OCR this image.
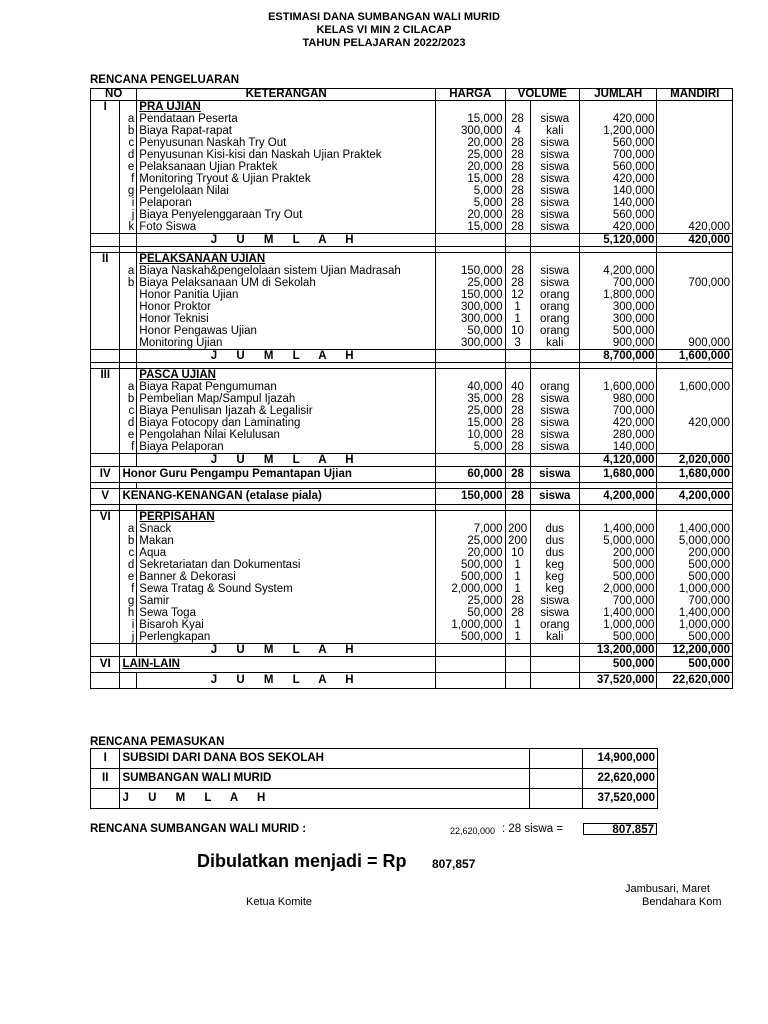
ESTIMASI DANA SUMBANGAN WALI MURID
KELAS VI MIN 2 CILACAP
TAHUN PELAJARAN 2022/2023
RENCANA PENGELUARAN
NO		KETERANGAN	HARGA	VOLUME		JUMLAH	MANDIRI
I		PRA UJIAN					
	a	Pendataan Peserta	15,000	28	siswa	420,000	
	b	Biaya Rapat-rapat	300,000	4	kali	1,200,000	
	c	Penyusunan Naskah Try Out	20,000	28	siswa	560,000	
	d	Penyusunan Kisi-kisi dan Naskah Ujian Praktek	25,000	28	siswa	700,000	
	e	Pelaksanaan Ujian Praktek	20,000	28	siswa	560,000	
	f	Monitoring Tryout & Ujian Praktek	15,000	28	siswa	420,000	
	g	Pengelolaan Nilai	5,000	28	siswa	140,000	
	i	Pelaporan	5,000	28	siswa	140,000	
	j	Biaya Penyelenggaraan Try Out	20,000	28	siswa	560,000	
	k	Foto Siswa	15,000	28	siswa	420,000	420,000
		J U M L A H				5,120,000	420,000

II		PELAKSANAAN UJIAN					
	a	Biaya Naskah&pengelolaan sistem Ujian Madrasah	150,000	28	siswa	4,200,000	
	b	Biaya Pelaksanaan UM di Sekolah	25,000	28	siswa	700,000	700,000
		Honor Panitia Ujian	150,000	12	orang	1,800,000	
		Honor Proktor	300,000	1	orang	300,000	
		Honor Teknisi	300,000	1	orang	300,000	
		Honor Pengawas Ujian	50,000	10	orang	500,000	
		Monitoring Ujian	300,000	3	kali	900,000	900,000
		J U M L A H				8,700,000	1,600,000

III		PASCA UJIAN					
	a	Biaya Rapat Pengumuman	40,000	40	orang	1,600,000	1,600,000
	b	Pembelian Map/Sampul Ijazah	35,000	28	siswa	980,000	
	c	Biaya Penulisan Ijazah & Legalisir	25,000	28	siswa	700,000	
	d	Biaya Fotocopy dan Laminating	15,000	28	siswa	420,000	420,000
	e	Pengolahan Nilai Kelulusan	10,000	28	siswa	280,000	
	f	Biaya Pelaporan	5,000	28	siswa	140,000	
		J U M L A H				4,120,000	2,020,000
IV	Honor Guru Pengampu Pemantapan Ujian		60,000	28	siswa	1,680,000	1,680,000

V	KENANG-KENANGAN (etalase piala)		150,000	28	siswa	4,200,000	4,200,000

VI		PERPISAHAN					
	a	Snack	7,000	200	dus	1,400,000	1,400,000
	b	Makan	25,000	200	dus	5,000,000	5,000,000
	c	Aqua	20,000	10	dus	200,000	200,000
	d	Sekretariatan dan Dokumentasi	500,000	1	keg	500,000	500,000
	e	Banner & Dekorasi	500,000	1	keg	500,000	500,000
	f	Sewa Tratag & Sound System	2,000,000	1	keg	2,000,000	1,000,000
	g	Samir	25,000	28	siswa	700,000	700,000
	h	Sewa Toga	50,000	28	siswa	1,400,000	1,400,000
	i	Bisaroh Kyai	1,000,000	1	orang	1,000,000	1,000,000
	j	Perlengkapan	500,000	1	kali	500,000	500,000
		J U M L A H				13,200,000	12,200,000
VI	LAIN-LAIN					500,000	500,000
		J U M L A H				37,520,000	22,620,000
RENCANA PEMASUKAN
I	SUBSIDI DARI DANA BOS SEKOLAH		14,900,000
II	SUMBANGAN WALI MURID		22,620,000
	J U M L A H		37,520,000
RENCANA SUMBANGAN WALI MURID :	22,620,000 : 28 siswa =	807,857
Dibulatkan menjadi = Rp 807,857
Jambusari, Maret
Ketua Komite	Bendahara Kom
